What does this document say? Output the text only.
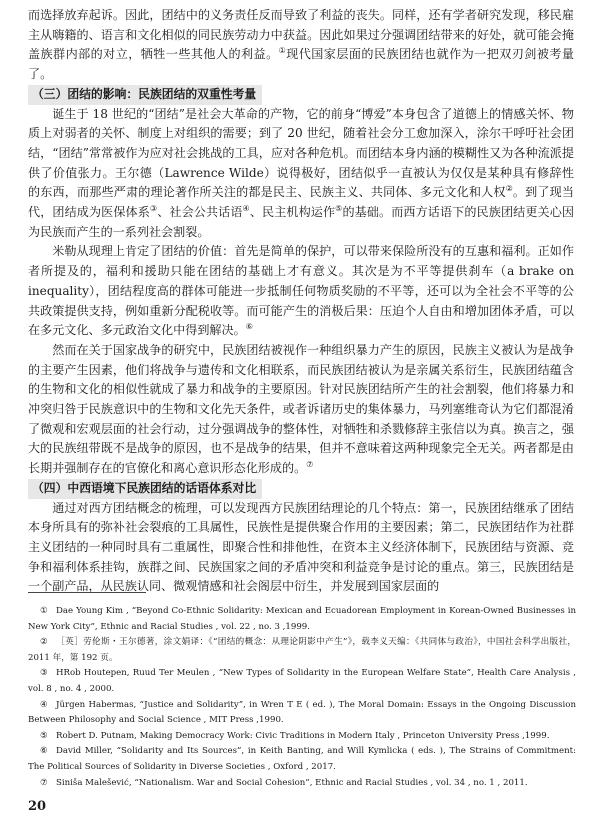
而选择放弃起诉。因此，团结中的义务责任反而导致了利益的丧失。同样，还有学者研究发现，移民雇主从嗨籍的、语言和文化相似的同民族劳动力中获益。因此如果过分强调团结带来的好处，就可能会掩盖族群内部的对立，牺牲一些其他人的利益。①现代国家层面的民族团结也就作为一把双刃剑被考量了。

（三）团结的影响：民族团结的双重性考量

诞生于 18 世纪的“团结”是社会大革命的产物，它的前身“博爱”本身包含了道德上的情感关怀、物质上对弱者的关怀、制度上对组织的需要；到了 20 世纪，随着社会分工愈加深入，涂尔干呼吁社会团结，“团结”常常被作为应对社会挑战的工具，应对各种危机。而团结本身内涵的模糊性又为各种流派提供了价值张力。王尔德（Lawrence Wilde）说得极好，团结似乎一直被认为仅仅是某种具有修辞性的东西，而那些严肃的理论著作所关注的都是民主、民族主义、共同体、多元文化和人权②。到了现当代，团结成为医保体系③、社会公共话语④、民主机构运作⑤的基础。而西方话语下的民族团结更关心因为民族而产生的一系列社会割裂。

米勒从现理上肯定了团结的价值：首先是简单的保护，可以带来保险所没有的互惠和福利。正如作者所提及的，福利和援助只能在团结的基础上才有意义。其次是为不平等提供刹车（a brake on inequality），团结程度高的群体可能进一步抵制任何物质奖励的不平等，还可以为全社会不平等的公共政策提供支持，例如重新分配税收等。而可能产生的消极后果：压迫个人自由和增加团体矛盾，可以在多元文化、多元政治文化中得到解决。⑥

然而在关于国家战争的研究中，民族团结被视作一种组织暴力产生的原因，民族主义被认为是战争的主要产生因素，他们将战争与遗传和文化相联系，而民族团结被认为是亲属关系衍生，民族团结蕴含的生物和文化的相似性就成了暴力和战争的主要原因。针对民族团结所产生的社会割裂，他们将暴力和冲突归咎于民族意识中的生物和文化先天条件，或者诉诸历史的集体暴力，马列塞维奇认为它们都混淆了微观和宏观层面的社会行动，过分强调战争的整体性，对牺牲和杀戮修辞主张信以为真。换言之，强大的民族纽带既不是战争的原因，也不是战争的结果，但并不意味着这两种现象完全无关。两者都是由长期并强制存在的官僚化和离心意识形态化形成的。⑦

（四）中西语境下民族团结的话语体系对比

通过对西方团结概念的梳理，可以发现西方民族团结理论的几个特点：第一，民族团结继承了团结本身所具有的弥补社会裂痕的工具属性，民族性是提供聚合作用的主要因素；第二，民族团结作为社群主义团结的一种同时具有二重属性，即聚合性和排他性，在资本主义经济体制下，民族团结与资源、竞争和福利体系挂钩，族群之间、民族国家之间的矛盾冲突和利益竞争是讨论的重点。第三，民族团结是一个副产品，从民族认同、微观情感和社会阁层中衍生，并发展到国家层面的

① Dae Young Kim , “Beyond Co-Ethnic Solidarity: Mexican and Ecuadorean Employment in Korean-Owned Businesses in New York City”, Ethnic and Racial Studies , vol. 22 , no. 3 ,1999.

② ［英］劳伦斯・王尔德著，涂文娟译：《“团结的概念：从理论阴影中产生”》，载李义天编：《共同体与政治》，中国社会科学出版社，2011 年，第 192 页。

③ HRob Houtepen, Ruud Ter Meulen , “New Types of Solidarity in the European Welfare State”, Health Care Analysis , vol. 8 , no. 4 , 2000.

④ Jürgen Habermas, “Justice and Solidarity”, in Wren T E ( ed. ), The Moral Domain: Essays in the Ongoing Discussion Between Philosophy and Social Science , MIT Press ,1990.

⑤ Robert D. Putnam, Making Democracy Work: Civic Traditions in Modern Italy , Princeton University Press ,1999.

⑥ David Miller, “Solidarity and Its Sources”, in Keith Banting, and Will Kymlicka ( eds. ), The Strains of Commitment: The Political Sources of Solidarity in Diverse Societies , Oxford , 2017.

⑦ Siniša Malešević, “Nationalism. War and Social Cohesion”, Ethnic and Racial Studies , vol. 34 , no. 1 , 2011.

20
